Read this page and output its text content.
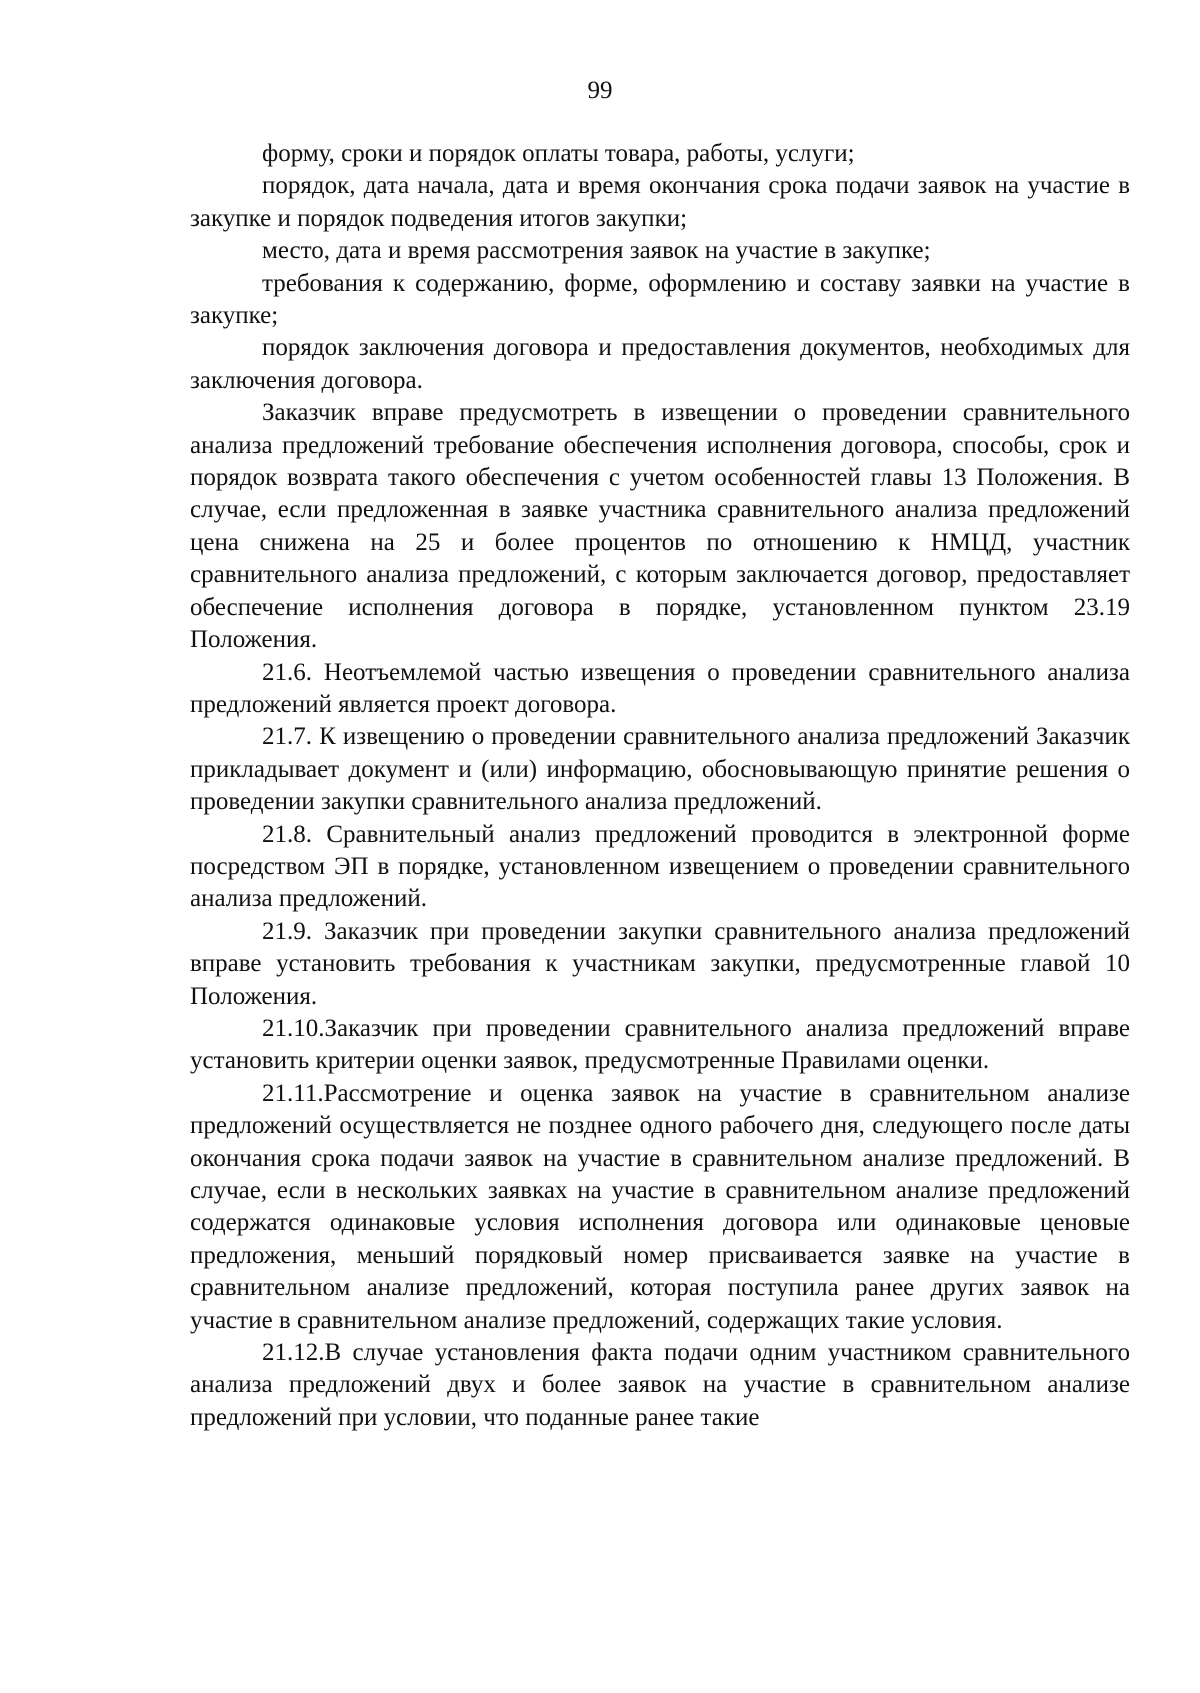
99

форму, сроки и порядок оплаты товара, работы, услуги;

порядок, дата начала, дата и время окончания срока подачи заявок на участие в закупке и порядок подведения итогов закупки;

место, дата и время рассмотрения заявок на участие в закупке;

требования к содержанию, форме, оформлению и составу заявки на участие в закупке;

порядок заключения договора и предоставления документов, необходимых для заключения договора.

Заказчик вправе предусмотреть в извещении о проведении сравнительного анализа предложений требование обеспечения исполнения договора, способы, срок и порядок возврата такого обеспечения с учетом особенностей главы 13 Положения. В случае, если предложенная в заявке участника сравнительного анализа предложений цена снижена на 25 и более процентов по отношению к НМЦД, участник сравнительного анализа предложений, с которым заключается договор, предоставляет обеспечение исполнения договора в порядке, установленном пунктом 23.19 Положения.

21.6. Неотъемлемой частью извещения о проведении сравнительного анализа предложений является проект договора.

21.7. К извещению о проведении сравнительного анализа предложений Заказчик прикладывает документ и (или) информацию, обосновывающую принятие решения о проведении закупки сравнительного анализа предложений.

21.8. Сравнительный анализ предложений проводится в электронной форме посредством ЭП в порядке, установленном извещением о проведении сравнительного анализа предложений.

21.9. Заказчик при проведении закупки сравнительного анализа предложений вправе установить требования к участникам закупки, предусмотренные главой 10 Положения.

21.10.Заказчик при проведении сравнительного анализа предложений вправе установить критерии оценки заявок, предусмотренные Правилами оценки.

21.11.Рассмотрение и оценка заявок на участие в сравнительном анализе предложений осуществляется не позднее одного рабочего дня, следующего после даты окончания срока подачи заявок на участие в сравнительном анализе предложений. В случае, если в нескольких заявках на участие в сравнительном анализе предложений содержатся одинаковые условия исполнения договора или одинаковые ценовые предложения, меньший порядковый номер присваивается заявке на участие в сравнительном анализе предложений, которая поступила ранее других заявок на участие в сравнительном анализе предложений, содержащих такие условия.

21.12.В случае установления факта подачи одним участником сравнительного анализа предложений двух и более заявок на участие в сравнительном анализе предложений при условии, что поданные ранее такие
